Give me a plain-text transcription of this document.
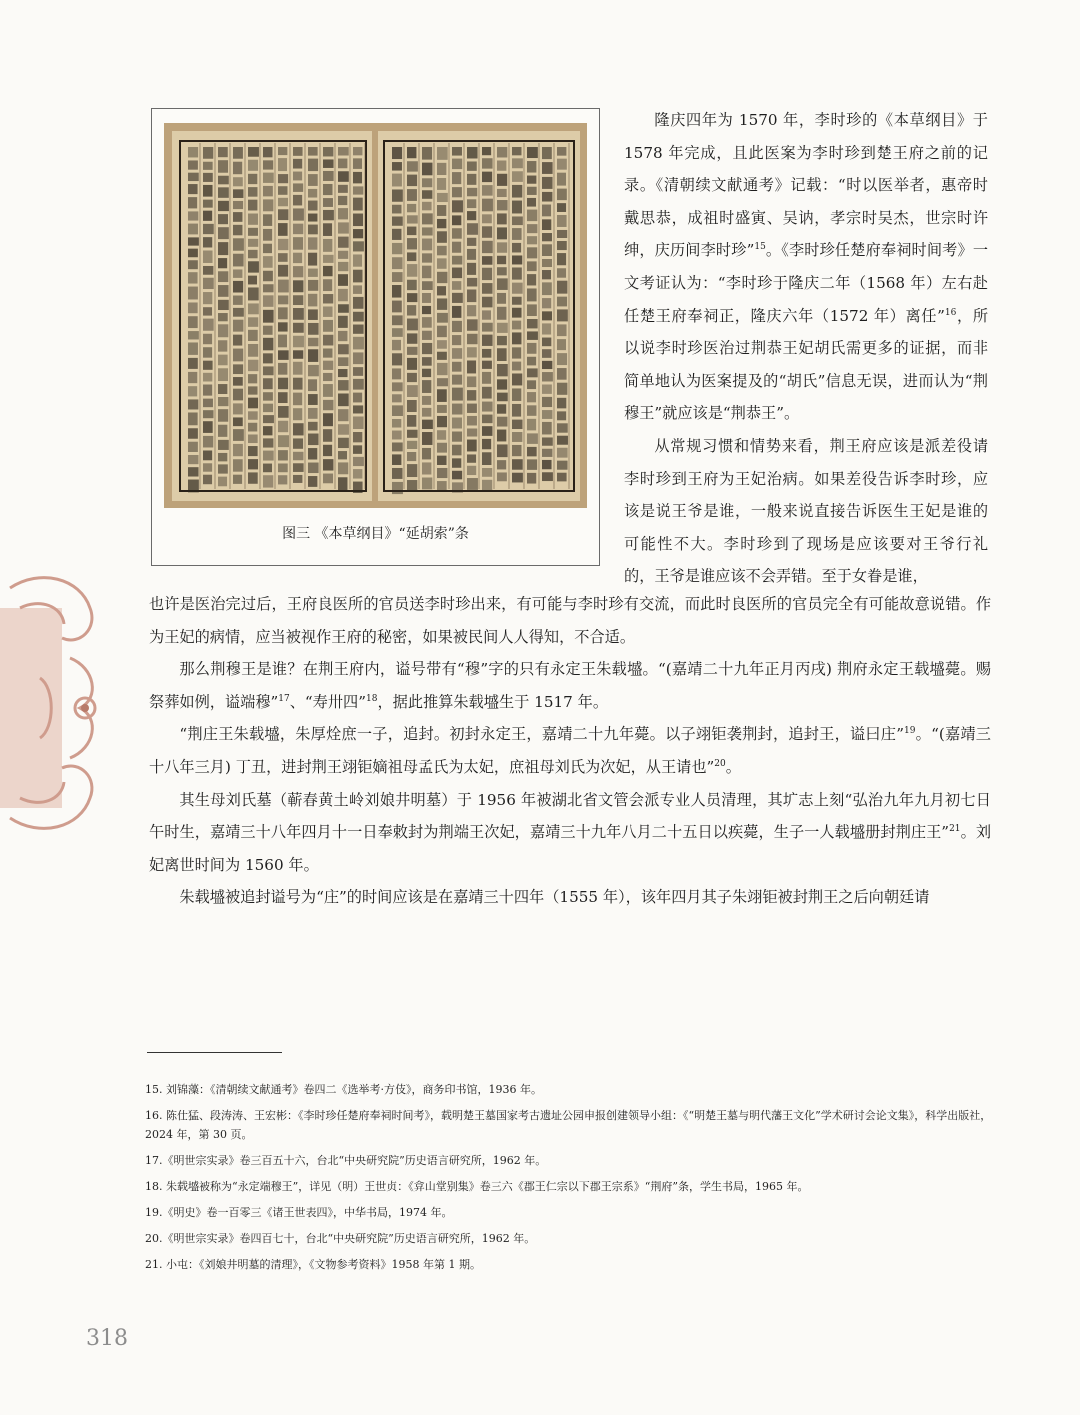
图三 《本草纲目》“延胡索”条

隆庆四年为 1570 年，李时珍的《本草纲目》于 1578 年完成，且此医案为李时珍到楚王府之前的记录。《清朝续文献通考》记载：“时以医举者，惠帝时戴思恭，成祖时盛寅、吴讷，孝宗时吴杰，世宗时许绅，庆历间李时珍”$^{15}$。《李时珍任楚府奉祠时间考》一文考证认为：“李时珍于隆庆二年（1568 年）左右赴任楚王府奉祠正，隆庆六年（1572 年）离任”$^{16}$，所以说李时珍医治过荆恭王妃胡氏需更多的证据，而非简单地认为医案提及的“胡氏”信息无误，进而认为“荆穆王”就应该是“荆恭王”。

从常规习惯和情势来看，荆王府应该是派差役请李时珍到王府为王妃治病。如果差役告诉李时珍，应该是说王爷是谁，一般来说直接告诉医生王妃是谁的可能性不大。李时珍到了现场是应该要对王爷行礼的，王爷是谁应该不会弄错。至于女眷是谁，

也许是医治完过后，王府良医所的官员送李时珍出来，有可能与李时珍有交流，而此时良医所的官员完全有可能故意说错。作为王妃的病情，应当被视作王府的秘密，如果被民间人人得知，不合适。

那么荆穆王是谁？在荆王府内，谥号带有“穆”字的只有永定王朱载墭。“(嘉靖二十九年正月丙戌) 荆府永定王载墭薨。赐祭葬如例，谥端穆”$^{17}$、“寿卅四”$^{18}$，据此推算朱载墭生于 1517 年。

“荆庄王朱载墭，朱厚烇庶一子，追封。初封永定王，嘉靖二十九年薨。以子翊钜袭荆封，追封王，谥曰庄”$^{19}$。“(嘉靖三十八年三月) 丁丑，进封荆王翊钜嫡祖母孟氏为太妃，庶祖母刘氏为次妃，从王请也”$^{20}$。

其生母刘氏墓（蕲春黄土岭刘娘井明墓）于 1956 年被湖北省文管会派专业人员清理，其圹志上刻“弘治九年九月初七日午时生，嘉靖三十八年四月十一日奉敕封为荆端王次妃，嘉靖三十九年八月二十五日以疾薨，生子一人载墭册封荆庄王”$^{21}$。刘妃离世时间为 1560 年。

朱载墭被追封谥号为“庄”的时间应该是在嘉靖三十四年（1555 年），该年四月其子朱翊钜被封荆王之后向朝廷请

15. 刘锦藻：《清朝续文献通考》卷四二《选举考·方伎》，商务印书馆，1936 年。

16. 陈仕猛、段涛涛、王宏彬：《李时珍任楚府奉祠时间考》，载明楚王墓国家考古遗址公园申报创建领导小组：《“明楚王墓与明代藩王文化”学术研讨会论文集》，科学出版社，2024 年，第 30 页。

17.《明世宗实录》卷三百五十六，台北“中央研究院”历史语言研究所，1962 年。

18. 朱载墭被称为“永定端穆王”，详见（明）王世贞：《弇山堂别集》卷三六《郡王仁宗以下郡王宗系》“荆府”条，学生书局，1965 年。

19.《明史》卷一百零三《诸王世表四》，中华书局，1974 年。

20.《明世宗实录》卷四百七十，台北“中央研究院”历史语言研究所，1962 年。

21. 小屯：《刘娘井明墓的清理》，《文物参考资料》1958 年第 1 期。

318
